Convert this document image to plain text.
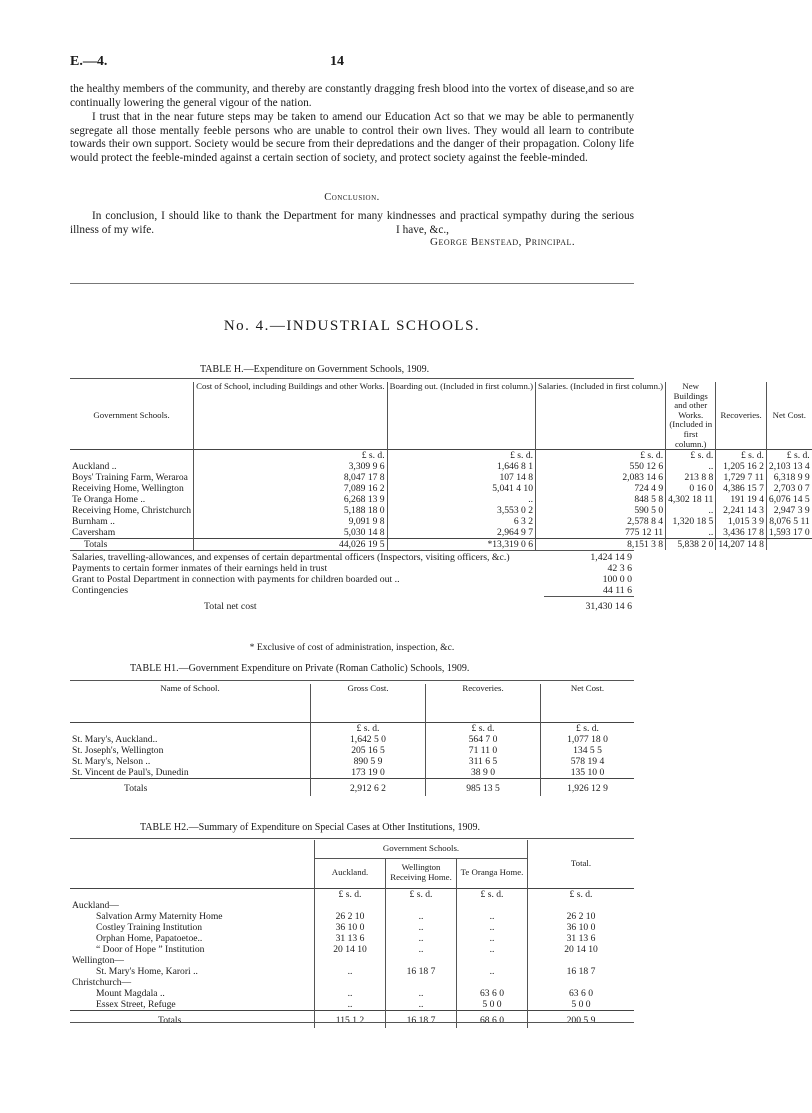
E.—4.	14
the healthy members of the community, and thereby are constantly dragging fresh blood into the vortex of disease,and so are continually lowering the general vigour of the nation.
I trust that in the near future steps may be taken to amend our Education Act so that we may be able to permanently segregate all those mentally feeble persons who are unable to control their own lives. They would all learn to contribute towards their own support. Society would be secure from their depredations and the danger of their propagation. Colony life would protect the feeble-minded against a certain section of society, and protect society against the feeble-minded.
Conclusion.
In conclusion, I should like to thank the Department for many kindnesses and practical sympathy during the serious illness of my wife.	I have, &c.,
George Benstead, Principal.
No. 4.—INDUSTRIAL SCHOOLS.
TABLE H.—Expenditure on Government Schools, 1909.
Government Schools.	Cost of School, including Buildings and other Works.	Boarding out. (Included in first column.)	Salaries. (Included in first column.)	New Buildings and other Works. (Included in first column.)	Recoveries.	Net Cost.
	£ s. d.	£ s. d.	£ s. d.	£ s. d.	£ s. d.	£ s. d.
Auckland ..	3,309 9 6	1,646 8 1	550 12 6	..	1,205 16 2	2,103 13 4
Boys' Training Farm, Weraroa	8,047 17 8	107 14 8	2,083 14 6	213 8 8	1,729 7 11	6,318 9 9
Receiving Home, Wellington	7,089 16 2	5,041 4 10	724 4 9	0 16 0	4,386 15 7	2,703 0 7
Te Oranga Home ..	6,268 13 9	..	848 5 8	4,302 18 11	191 19 4	6,076 14 5
Receiving Home, Christchurch	5,188 18 0	3,553 0 2	590 5 0	..	2,241 14 3	2,947 3 9
Burnham ..	9,091 9 8	6 3 2	2,578 8 4	1,320 18 5	1,015 3 9	8,076 5 11
Caversham	5,030 14 8	2,964 9 7	775 12 11	..	3,436 17 8	1,593 17 0
Totals	44,026 19 5	*13,319 0 6	8,151 3 8	5,838 2 0	14,207 14 8	
Salaries, travelling-allowances, and expenses of certain departmental officers (Inspectors, visiting officers, &c.)	1,424 14 9
Payments to certain former inmates of their earnings held in trust	42 3 6
Grant to Postal Department in connection with payments for children boarded out ..	100 0 0
Contingencies	44 11 6
Total net cost	31,430 14 6
* Exclusive of cost of administration, inspection, &c.
TABLE H1.—Government Expenditure on Private (Roman Catholic) Schools, 1909.
Name of School.	Gross Cost.	Recoveries.	Net Cost.
	£ s. d.	£ s. d.	£ s. d.
St. Mary's, Auckland..	1,642 5 0	564 7 0	1,077 18 0
St. Joseph's, Wellington	205 16 5	71 11 0	134 5 5
St. Mary's, Nelson ..	890 5 9	311 6 5	578 19 4
St. Vincent de Paul's, Dunedin	173 19 0	38 9 0	135 10 0
Totals	2,912 6 2	985 13 5	1,926 12 9
TABLE H2.—Summary of Expenditure on Special Cases at Other Institutions, 1909.
	Government Schools.			Total.
	Auckland.	Wellington Receiving Home.	Te Oranga Home.	
	£ s. d.	£ s. d.	£ s. d.	£ s. d.
Auckland—				
Salvation Army Maternity Home	26 2 10	..	..	26 2 10
Costley Training Institution	36 10 0	..	..	36 10 0
Orphan Home, Papatoetoe..	31 13 6	..	..	31 13 6
“ Door of Hope ” Institution	20 14 10	..	..	20 14 10
Wellington—				
St. Mary's Home, Karori ..	..	16 18 7	..	16 18 7
Christchurch—				
Mount Magdala ..	..	..	63 6 0	63 6 0
Essex Street, Refuge	..	..	5 0 0	5 0 0
Totals	115 1 2	16 18 7	68 6 0	200 5 9
